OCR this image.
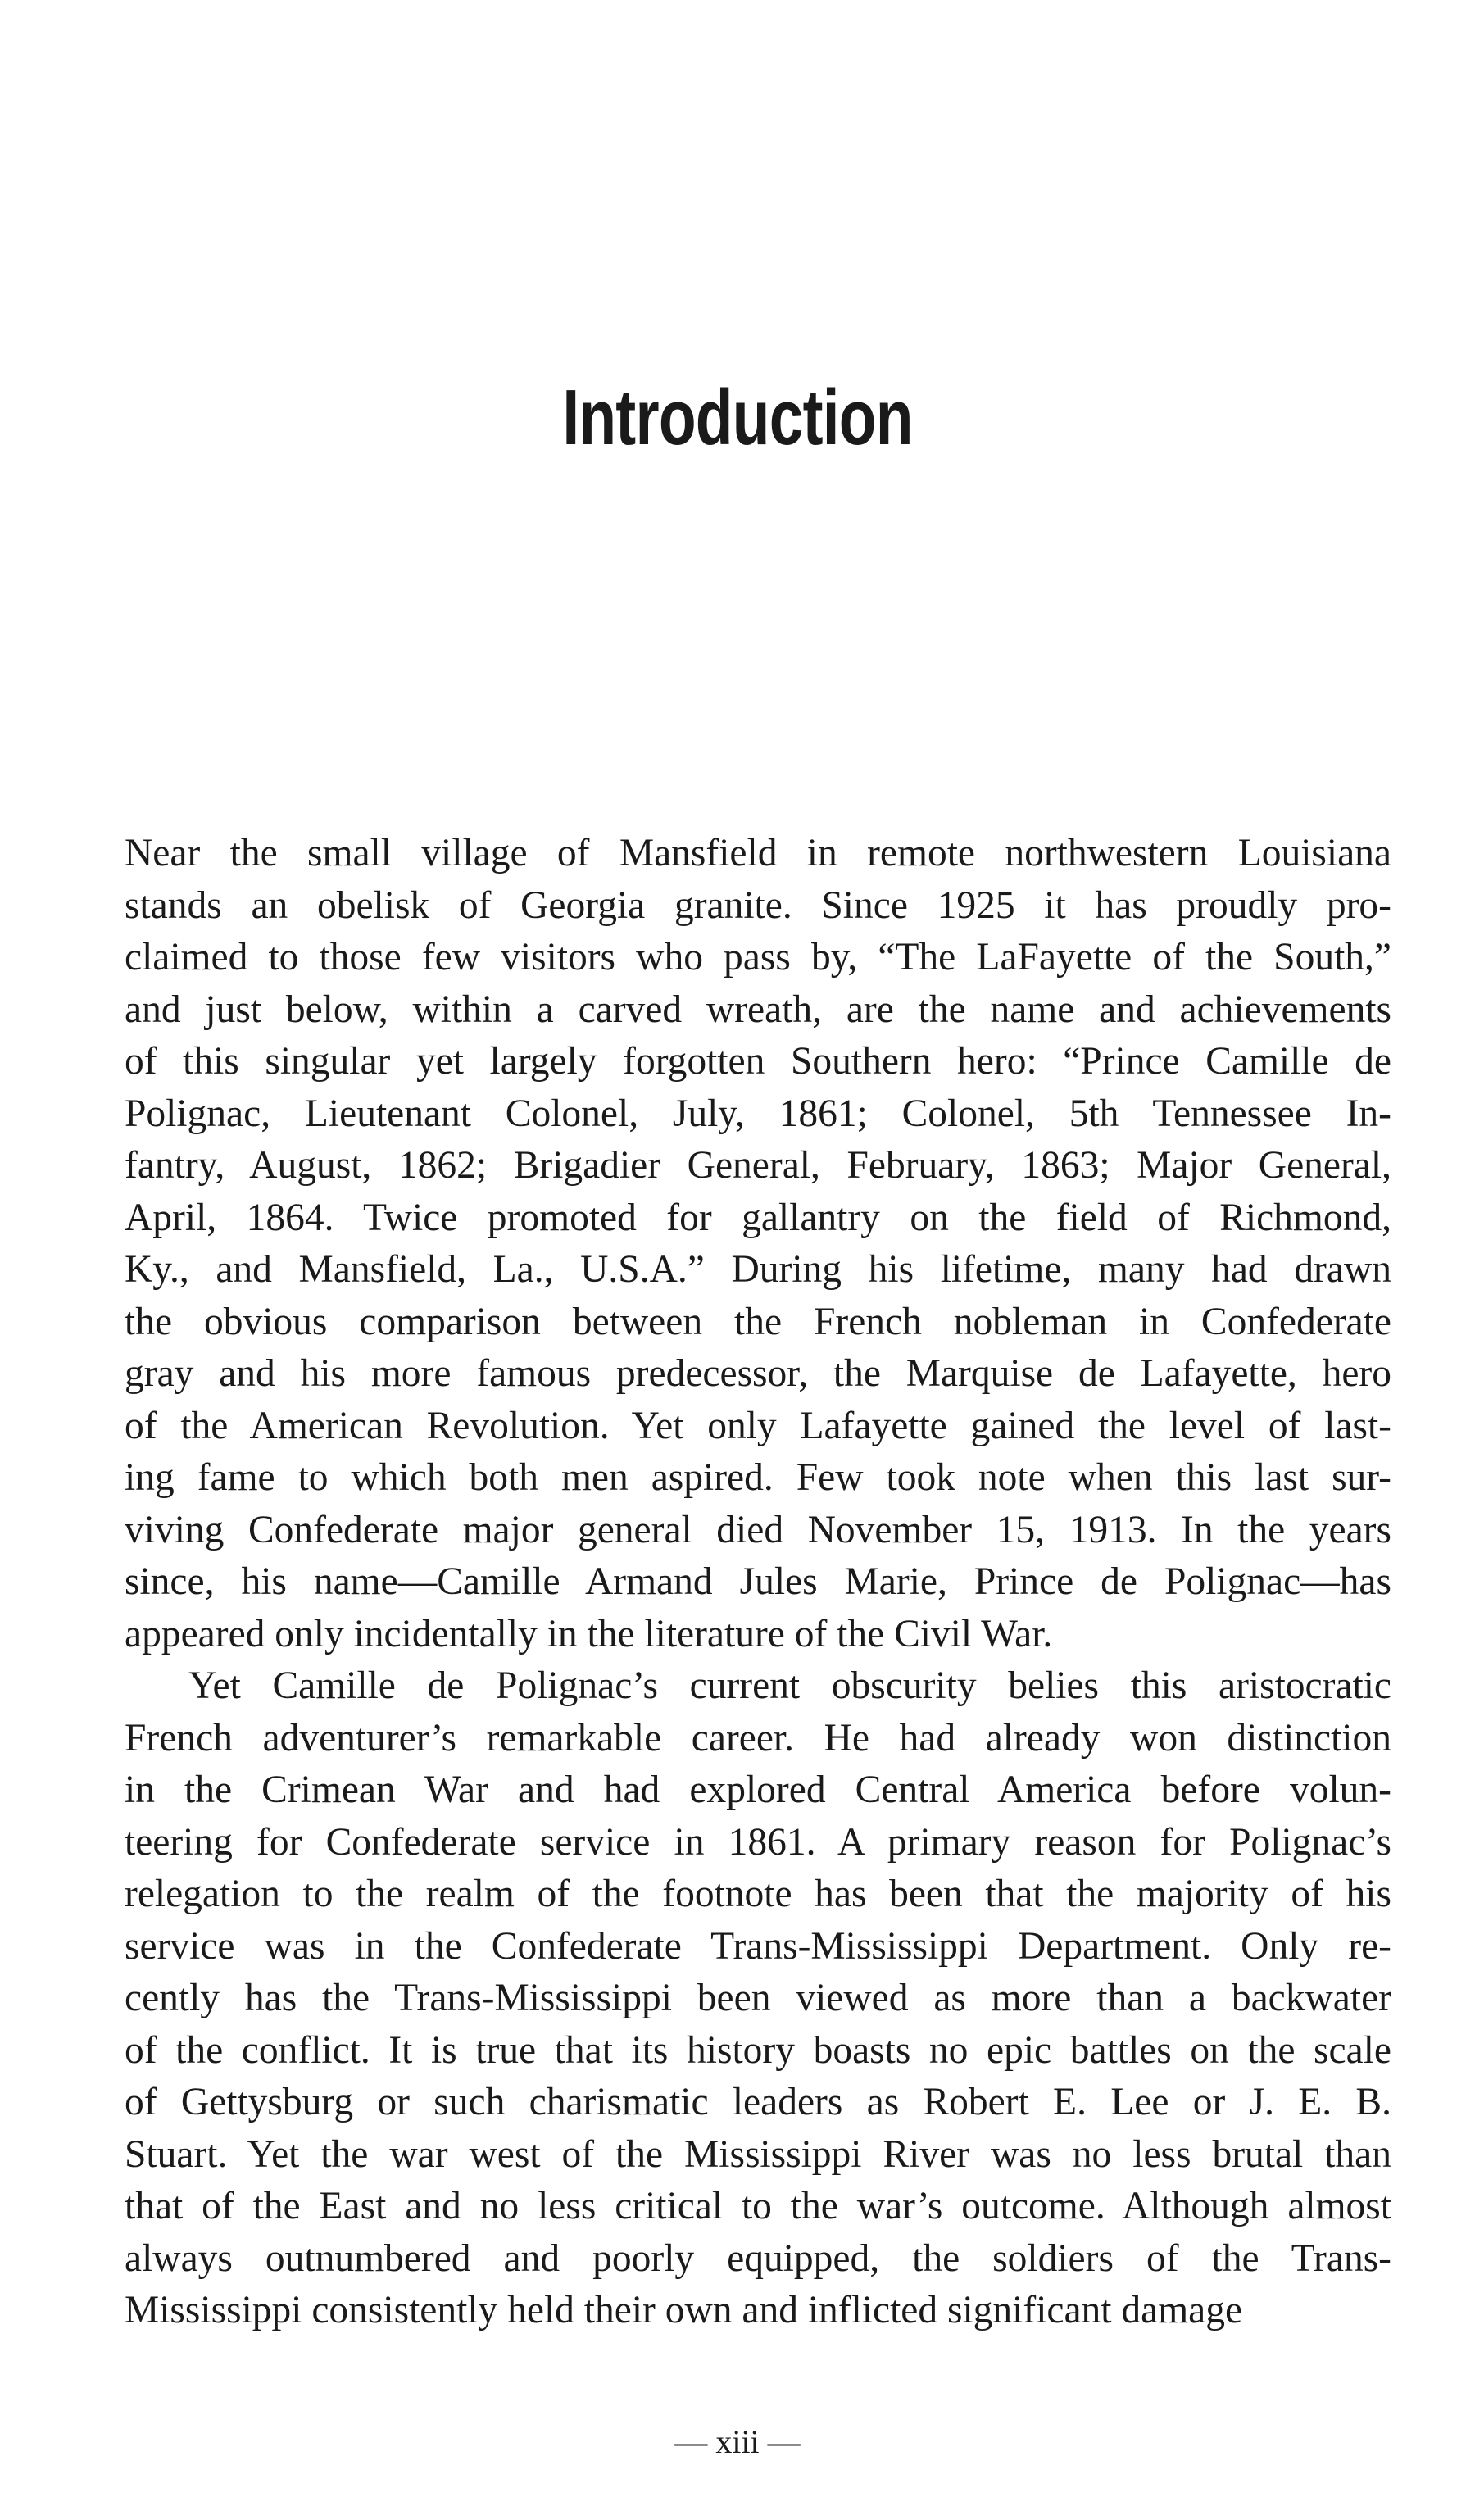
Introduction
Near the small village of Mansfield in remote northwestern Louisiana
stands an obelisk of Georgia granite. Since 1925 it has proudly pro-
claimed to those few visitors who pass by, “The LaFayette of the South,”
and just below, within a carved wreath, are the name and achievements
of this singular yet largely forgotten Southern hero: “Prince Camille de
Polignac, Lieutenant Colonel, July, 1861; Colonel, 5th Tennessee In-
fantry, August, 1862; Brigadier General, February, 1863; Major General,
April, 1864. Twice promoted for gallantry on the field of Richmond,
Ky., and Mansfield, La., U.S.A.” During his lifetime, many had drawn
the obvious comparison between the French nobleman in Confederate
gray and his more famous predecessor, the Marquise de Lafayette, hero
of the American Revolution. Yet only Lafayette gained the level of last-
ing fame to which both men aspired. Few took note when this last sur-
viving Confederate major general died November 15, 1913. In the years
since, his name—Camille Armand Jules Marie, Prince de Polignac—has
appeared only incidentally in the literature of the Civil War.
Yet Camille de Polignac’s current obscurity belies this aristocratic
French adventurer’s remarkable career. He had already won distinction
in the Crimean War and had explored Central America before volun-
teering for Confederate service in 1861. A primary reason for Polignac’s
relegation to the realm of the footnote has been that the majority of his
service was in the Confederate Trans-Mississippi Department. Only re-
cently has the Trans-Mississippi been viewed as more than a backwater
of the conflict. It is true that its history boasts no epic battles on the scale
of Gettysburg or such charismatic leaders as Robert E. Lee or J. E. B.
Stuart. Yet the war west of the Mississippi River was no less brutal than
that of the East and no less critical to the war’s outcome. Although almost
always outnumbered and poorly equipped, the soldiers of the Trans-
Mississippi consistently held their own and inflicted significant damage
— xiii —
